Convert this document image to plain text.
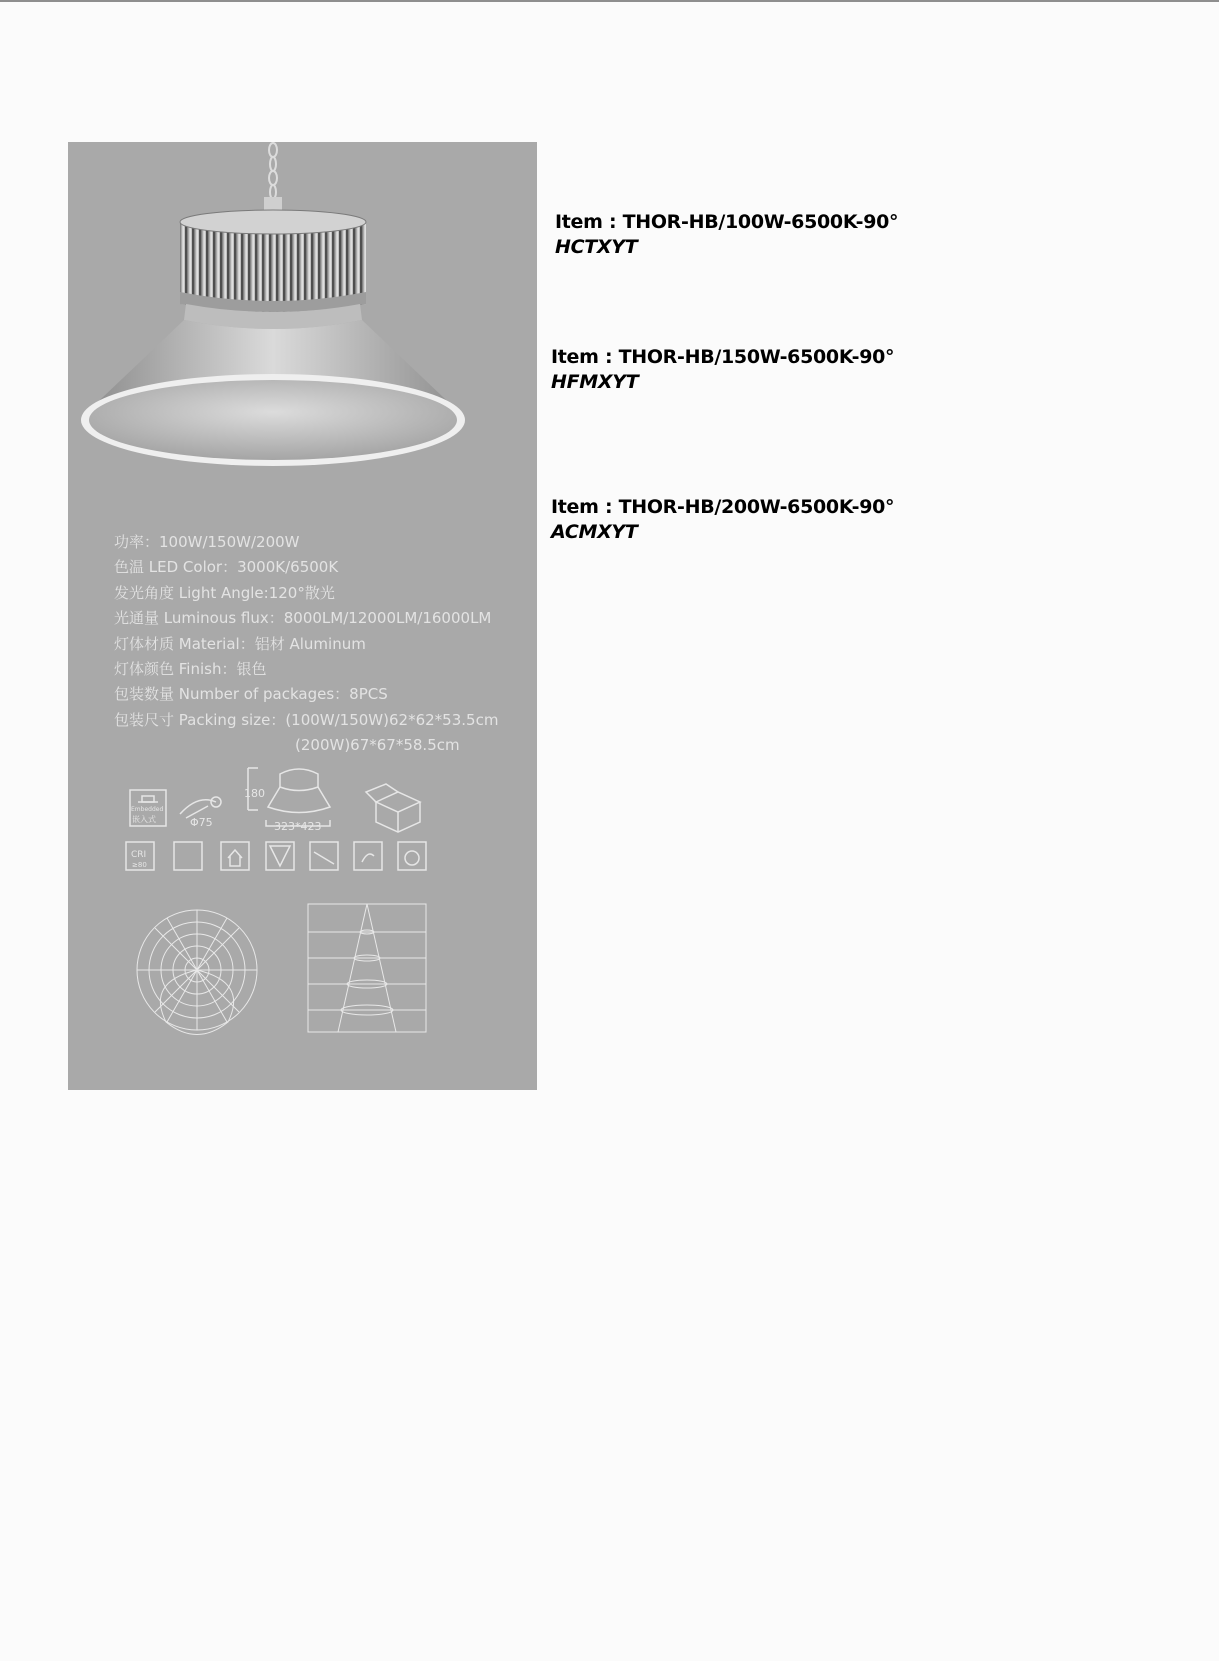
CRI
≥80
Embedded
嵌入式	Φ75
180
323*423
功率：100W/150W/200W
色温 LED Color：3000K/6500K
发光角度 Light Angle:120°散光
光通量 Luminous flux：8000LM/12000LM/16000LM
灯体材质 Material：铝材 Aluminum
灯体颜色 Finish：银色
包装数量 Number of packages：8PCS
包装尺寸 Packing size：(100W/150W)62*62*53.5cm
(200W)67*67*58.5cm
Item : THOR-HB/100W-6500K-90°
HCTXYT
Item : THOR-HB/150W-6500K-90°
HFMXYT
Item : THOR-HB/200W-6500K-90°
ACMXYT
